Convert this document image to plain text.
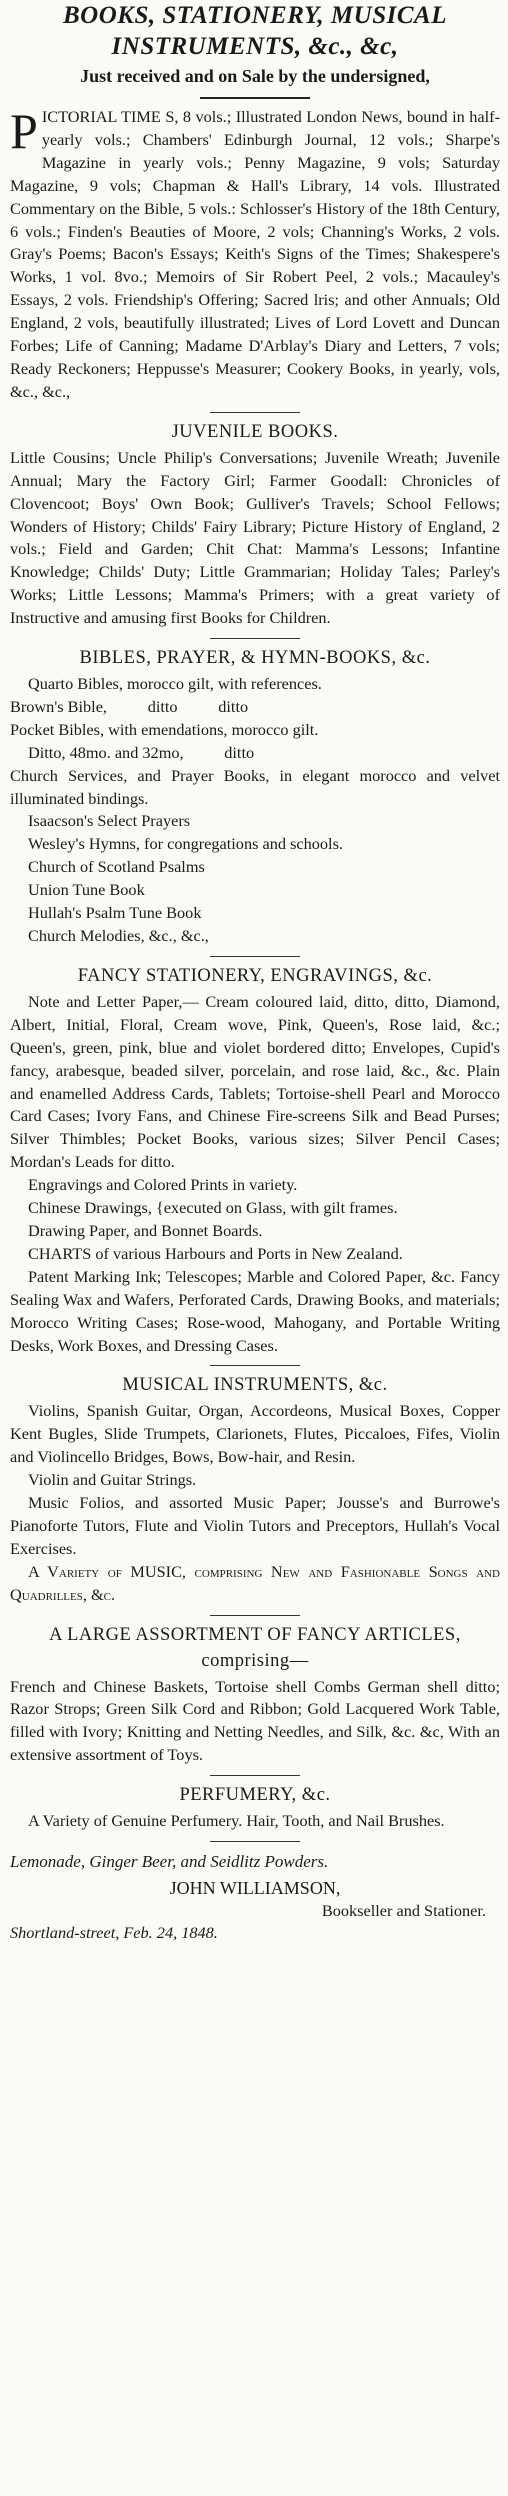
BOOKS, STATIONERY, MUSICAL
INSTRUMENTS, &c., &c,
Just received and on Sale by the undersigned,

PICTORIAL TIME S, 8 vols.; Illustrated London News, bound in half-yearly vols.; Chambers' Edinburgh Journal, 12 vols.; Sharpe's Magazine in yearly vols.; Penny Magazine, 9 vols; Saturday Magazine, 9 vols; Chapman & Hall's Library, 14 vols. Illustrated Commentary on the Bible, 5 vols.: Schlosser's History of the 18th Century, 6 vols.; Finden's Beauties of Moore, 2 vols; Channing's Works, 2 vols. Gray's Poems; Bacon's Essays; Keith's Signs of the Times; Shakespere's Works, 1 vol. 8vo.; Memoirs of Sir Robert Peel, 2 vols.; Macauley's Essays, 2 vols. Friendship's Offering; Sacred lris; and other Annuals; Old England, 2 vols, beautifully illustrated; Lives of Lord Lovett and Duncan Forbes; Life of Canning; Madame D'Arblay's Diary and Letters, 7 vols; Ready Reckoners; Heppusse's Measurer; Cookery Books, in yearly, vols, &c., &c.,

JUVENILE BOOKS.

Little Cousins; Uncle Philip's Conversations; Juvenile Wreath; Juvenile Annual; Mary the Factory Girl; Farmer Goodall: Chronicles of Clovencoot; Boys' Own Book; Gulliver's Travels; School Fellows; Wonders of History; Childs' Fairy Library; Picture History of England, 2 vols.; Field and Garden; Chit Chat: Mamma's Lessons; Infantine Knowledge; Childs' Duty; Little Grammarian; Holiday Tales; Parley's Works; Little Lessons; Mamma's Primers; with a great variety of Instructive and amusing first Books for Children.

BIBLES, PRAYER, & HYMN-BOOKS, &c.

Quarto Bibles, morocco gilt, with references.

Brown's Bible,          ditto          ditto

Pocket Bibles, with emendations, morocco gilt.

Ditto, 48mo. and 32mo,          ditto

Church Services, and Prayer Books, in elegant morocco and velvet illuminated bindings.

Isaacson's Select Prayers

Wesley's Hymns, for congregations and schools.

Church of Scotland Psalms

Union Tune Book

Hullah's Psalm Tune Book

Church Melodies, &c., &c.,

FANCY STATIONERY, ENGRAVINGS, &c.

Note and Letter Paper,— Cream coloured laid, ditto, ditto, Diamond, Albert, Initial, Floral, Cream wove, Pink, Queen's, Rose laid, &c.; Queen's, green, pink, blue and violet bordered ditto; Envelopes, Cupid's fancy, arabesque, beaded silver, porcelain, and rose laid, &c., &c. Plain and enamelled Address Cards, Tablets; Tortoise-shell Pearl and Morocco Card Cases; Ivory Fans, and Chinese Fire-screens Silk and Bead Purses; Silver Thimbles; Pocket Books, various sizes; Silver Pencil Cases; Mordan's Leads for ditto.

Engravings and Colored Prints in variety.

Chinese Drawings, {executed on Glass, with gilt frames.

Drawing Paper, and Bonnet Boards.

CHARTS of various Harbours and Ports in New Zealand.

Patent Marking Ink; Telescopes; Marble and Colored Paper, &c. Fancy Sealing Wax and Wafers, Perforated Cards, Drawing Books, and materials; Morocco Writing Cases; Rose-wood, Mahogany, and Portable Writing Desks, Work Boxes, and Dressing Cases.

MUSICAL INSTRUMENTS, &c.

Violins, Spanish Guitar, Organ, Accordeons, Musical Boxes, Copper Kent Bugles, Slide Trumpets, Clarionets, Flutes, Piccaloes, Fifes, Violin and Violincello Bridges, Bows, Bow-hair, and Resin.

Violin and Guitar Strings.

Music Folios, and assorted Music Paper; Jousse's and Burrowe's Pianoforte Tutors, Flute and Violin Tutors and Preceptors, Hullah's Vocal Exercises.

A Variety of MUSIC, comprising New and Fashionable Songs and Quadrilles, &c.

A LARGE ASSORTMENT OF FANCY ARTICLES, comprising—

French and Chinese Baskets, Tortoise shell Combs German shell ditto; Razor Strops; Green Silk Cord and Ribbon; Gold Lacquered Work Table, filled with Ivory; Knitting and Netting Needles, and Silk, &c. &c, With an extensive assortment of Toys.

PERFUMERY, &c.

A Variety of Genuine Perfumery. Hair, Tooth, and Nail Brushes.

Lemonade, Ginger Beer, and Seidlitz Powders.

JOHN WILLIAMSON,
Bookseller and Stationer.
Shortland-street, Feb. 24, 1848.
